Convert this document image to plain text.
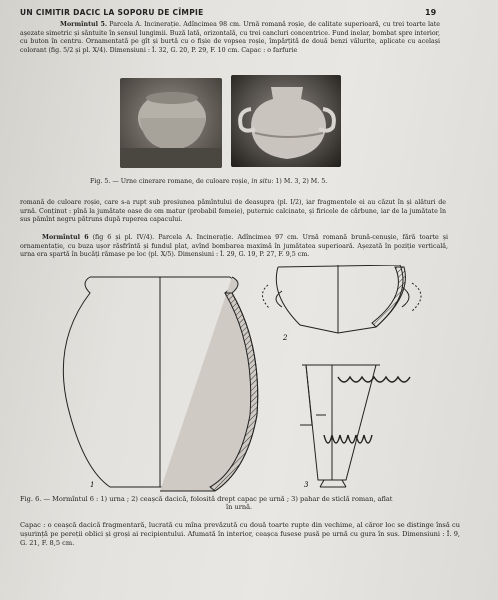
UN CIMITIR DACIC LA SOPORU DE CÎMPIE	19
Mormîntul 5. Parcela A. Incinerație. Adîncimea 98 cm. Urnă romană roșie, de calitate superioară, cu trei toarte late așezate simetric și săntuite în sensul lungimii. Buză lată, orizontală, cu trei cancluri concentrice. Fund inelar, bombat spre interior, cu buton în centru. Ornamentată pe gît și burtă cu o fișie de vopsea roșie, împărțită de două benzi vălurite, aplicate cu același colorant (fig. 5/2 și pl. X/4). Dimensiuni : Î. 32, G. 20, P. 29, F. 10 cm. Capac : o farfurie
Fig. 5. — Urne cinerare romane, de culoare roșie, in situ: 1) M. 3, 2) M. 5.
romană de culoare roșie, care s-a rupt sub presiunea pămîntului de deasupra (pl. I/2), iar fragmentele ei au căzut în și alături de urnă. Conținut : pînă la jumătate oase de om matur (probabil femeie), puternic calcinate, și firicele de cărbune, iar de la jumătate în sus pămînt negru pătruns după ruperea capacului.
Mormîntul 6 (fig 6 și pl. IV/4). Parcela A. Incinerație. Adîncimea 97 cm. Urnă romană brună-cenușie, fără toarte și ornamentație, cu buza ușor răsfrîntă și fundul plat, avînd bombarea maximă în jumătatea superioară. Așezată în poziție verticală, urna era spartă în bucăți rămase pe loc (pl. X/5). Dimensiuni : Î. 29, G. 19, P. 27, F. 9,5 cm.
1
2
3
Fig. 6. — Mormîntul 6 : 1) urna ; 2) ceașcă dacică, folosită drept capac pe urnă ; 3) pahar de sticlă roman, aflat
în urnă.
Capac : o ceașcă dacică fragmentară, lucrată cu mîna prevăzută cu două toarte rupte din vechime, al căror loc se distinge însă cu ușurință pe pereții oblici și groși ai recipientului. Afumată în interior, ceașca fusese pusă pe urnă cu gura în sus. Dimensiuni : Î. 9, G. 21, F. 8,5 cm.
